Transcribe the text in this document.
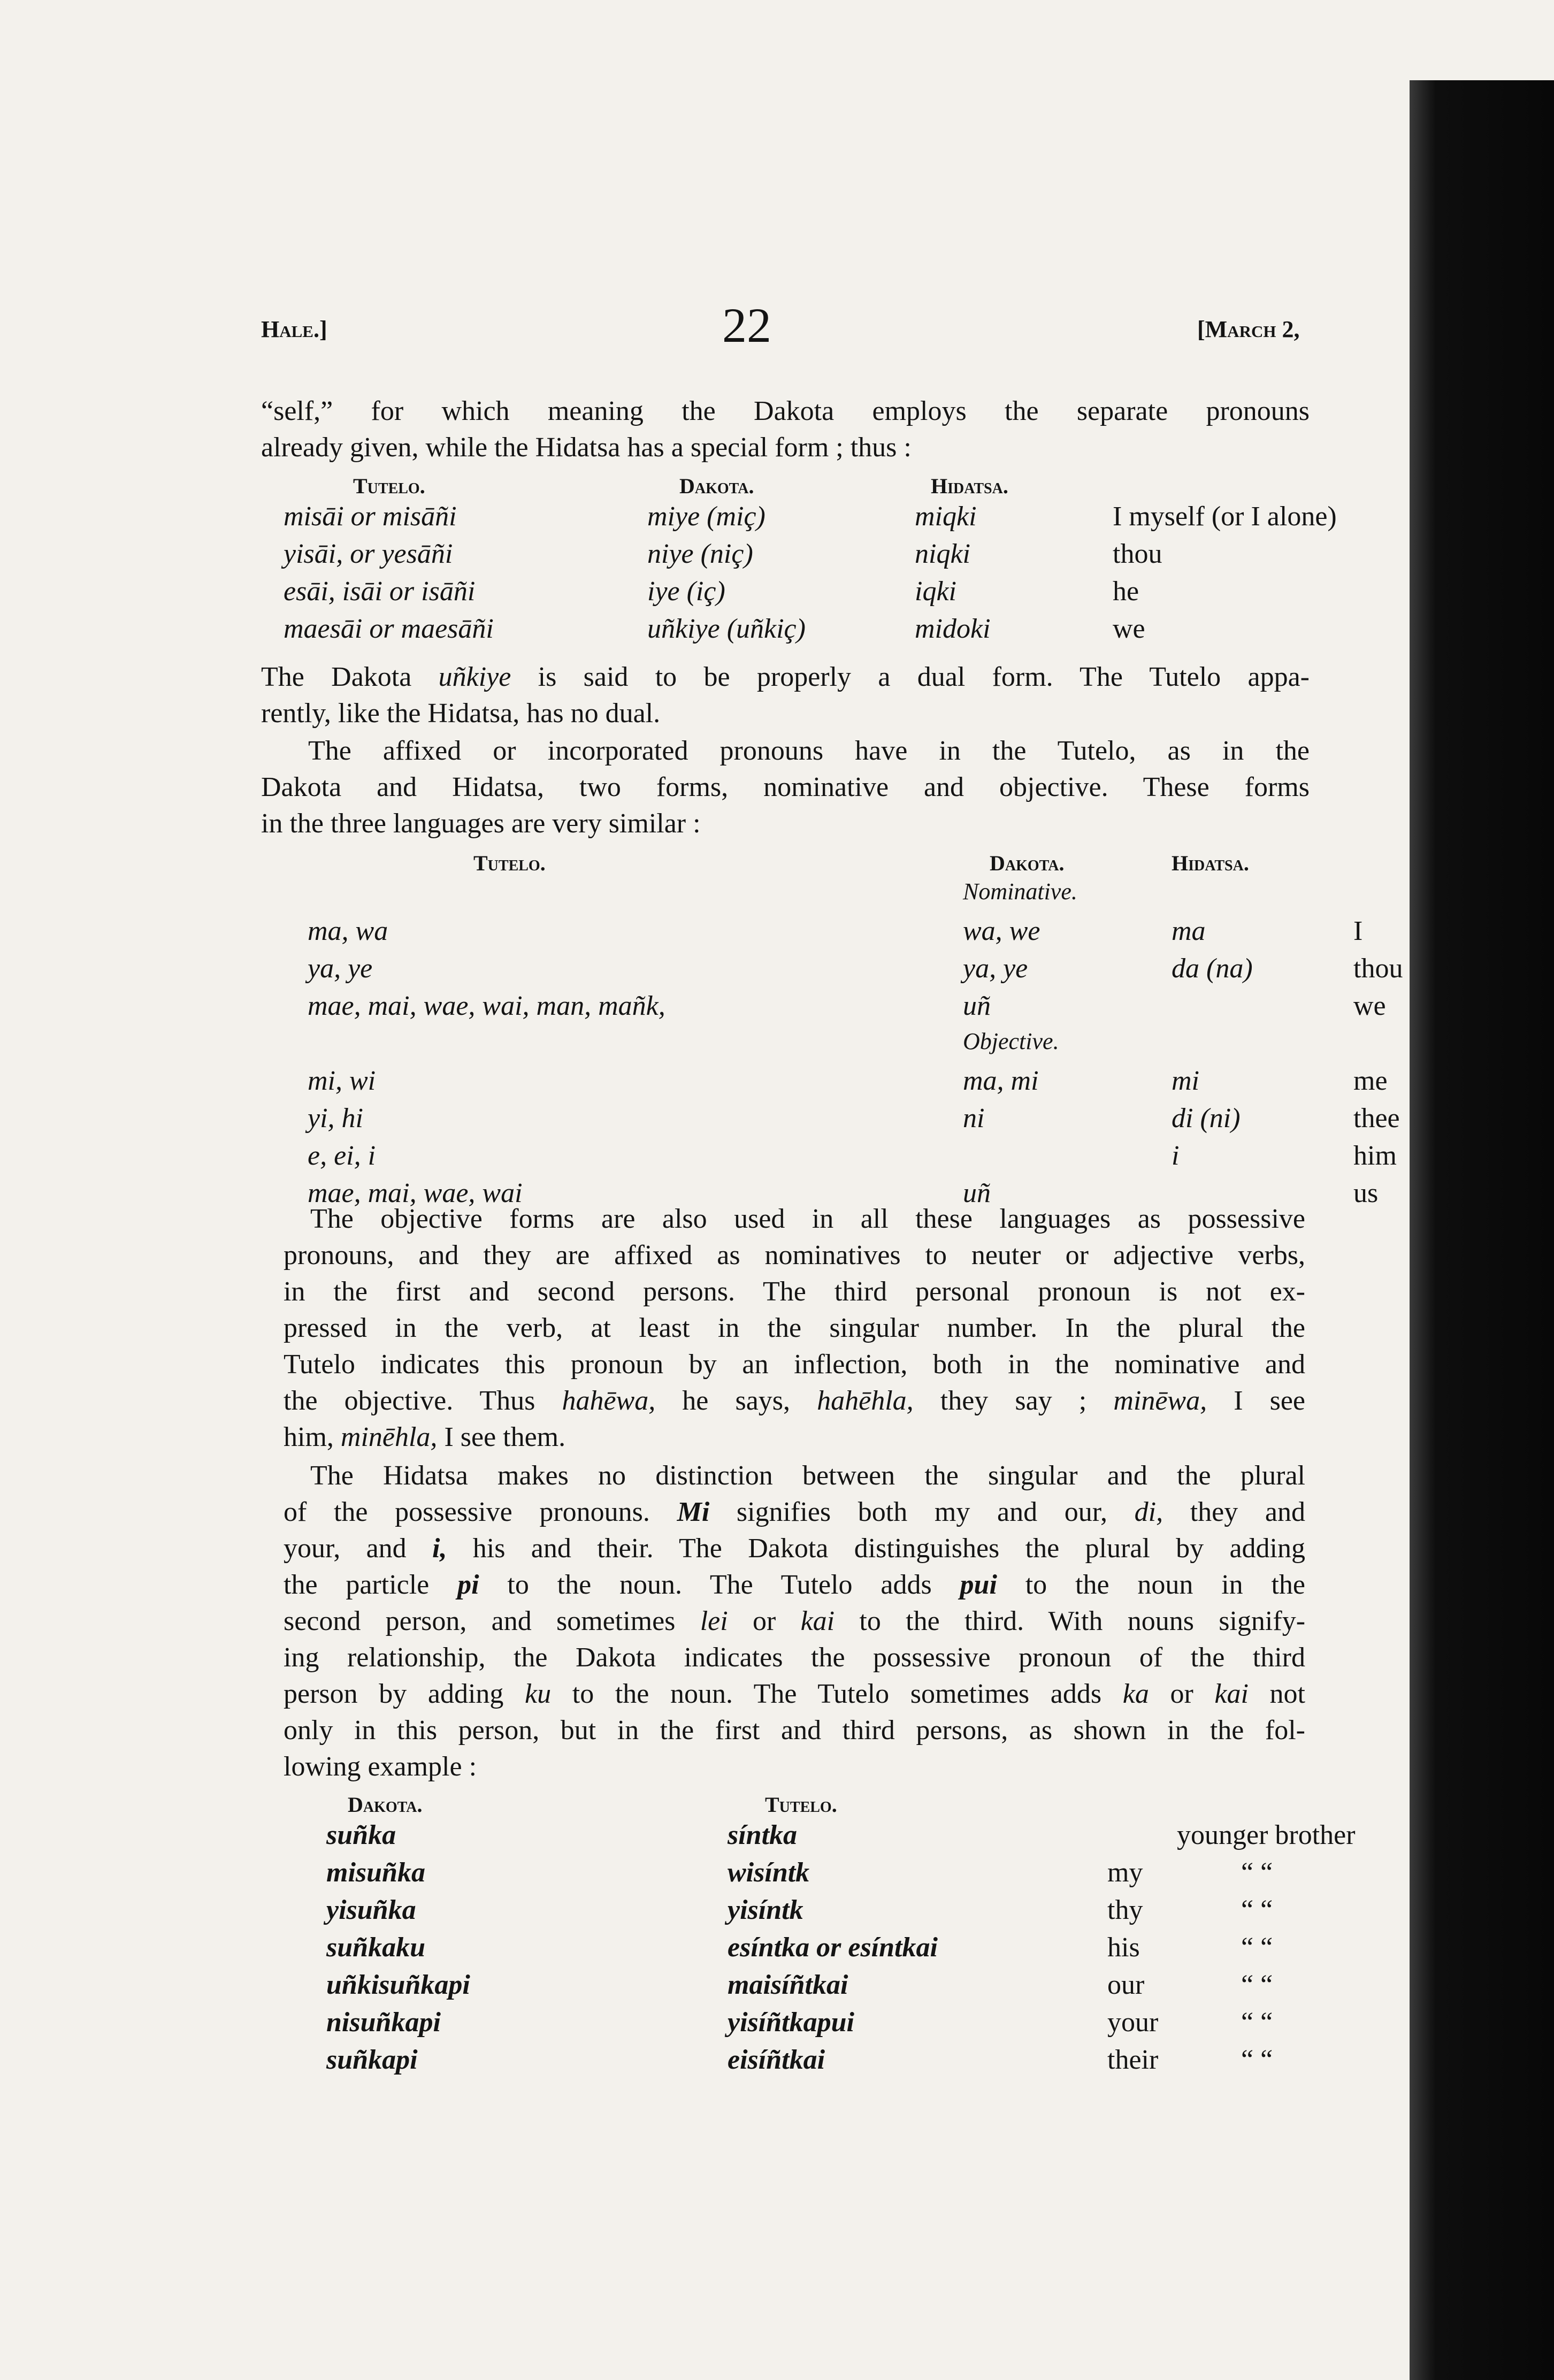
Hale.]	22	[March 2,
“self,” for which meaning the Dakota employs the separate pronouns
already given, while the Hidatsa has a special form ; thus :
Tutelo.	Dakota.	Hidatsa.	
misāi or misāñi	miye (miç)	miqki	I myself (or I alone)
yisāi, or yesāñi	niye (niç)	niqki	thou
esāi, isāi or isāñi	iye (iç)	iqki	he
maesāi or maesāñi	uñkiye (uñkiç)	midoki	we
The Dakota uñkiye is said to be properly a dual form. The Tutelo appa-
rently, like the Hidatsa, has no dual.
The affixed or incorporated pronouns have in the Tutelo, as in the
Dakota and Hidatsa, two forms, nominative and objective. These forms
in the three languages are very similar :
Tutelo.	Dakota.	Hidatsa.	
	Nominative.		
ma, wa	wa, we	ma	I
ya, ye	ya, ye	da (na)	thou
mae, mai, wae, wai, man, mañk,	uñ		we
	Objective.		
mi, wi	ma, mi	mi	me
yi, hi	ni	di (ni)	thee
e, ei, i		i	him
mae, mai, wae, wai	uñ		us
The objective forms are also used in all these languages as possessive
pronouns, and they are affixed as nominatives to neuter or adjective verbs,
in the first and second persons. The third personal pronoun is not ex-
pressed in the verb, at least in the singular number. In the plural the
Tutelo indicates this pronoun by an inflection, both in the nominative and
the objective. Thus hahēwa, he says, hahēhla, they say ; minēwa, I see
him, minēhla, I see them.
The Hidatsa makes no distinction between the singular and the plural
of the possessive pronouns. Mi signifies both my and our, di, they and
your, and i, his and their. The Dakota distinguishes the plural by adding
the particle pi to the noun. The Tutelo adds pui to the noun in the
second person, and sometimes lei or kai to the third. With nouns signify-
ing relationship, the Dakota indicates the possessive pronoun of the third
person by adding ku to the noun. The Tutelo sometimes adds ka or kai not
only in this person, but in the first and third persons, as shown in the fol-
lowing example :
Dakota.	Tutelo.	
suñka	síntka	younger brother
misuñka	wisíntk	my “ “
yisuñka	yisíntk	thy “ “
suñkaku	esíntka or esíntkai	his “ “
uñkisuñkapi	maisíñtkai	our “ “
nisuñkapi	yisíñtkapui	your “ “
suñkapi	eisíñtkai	their “ “
